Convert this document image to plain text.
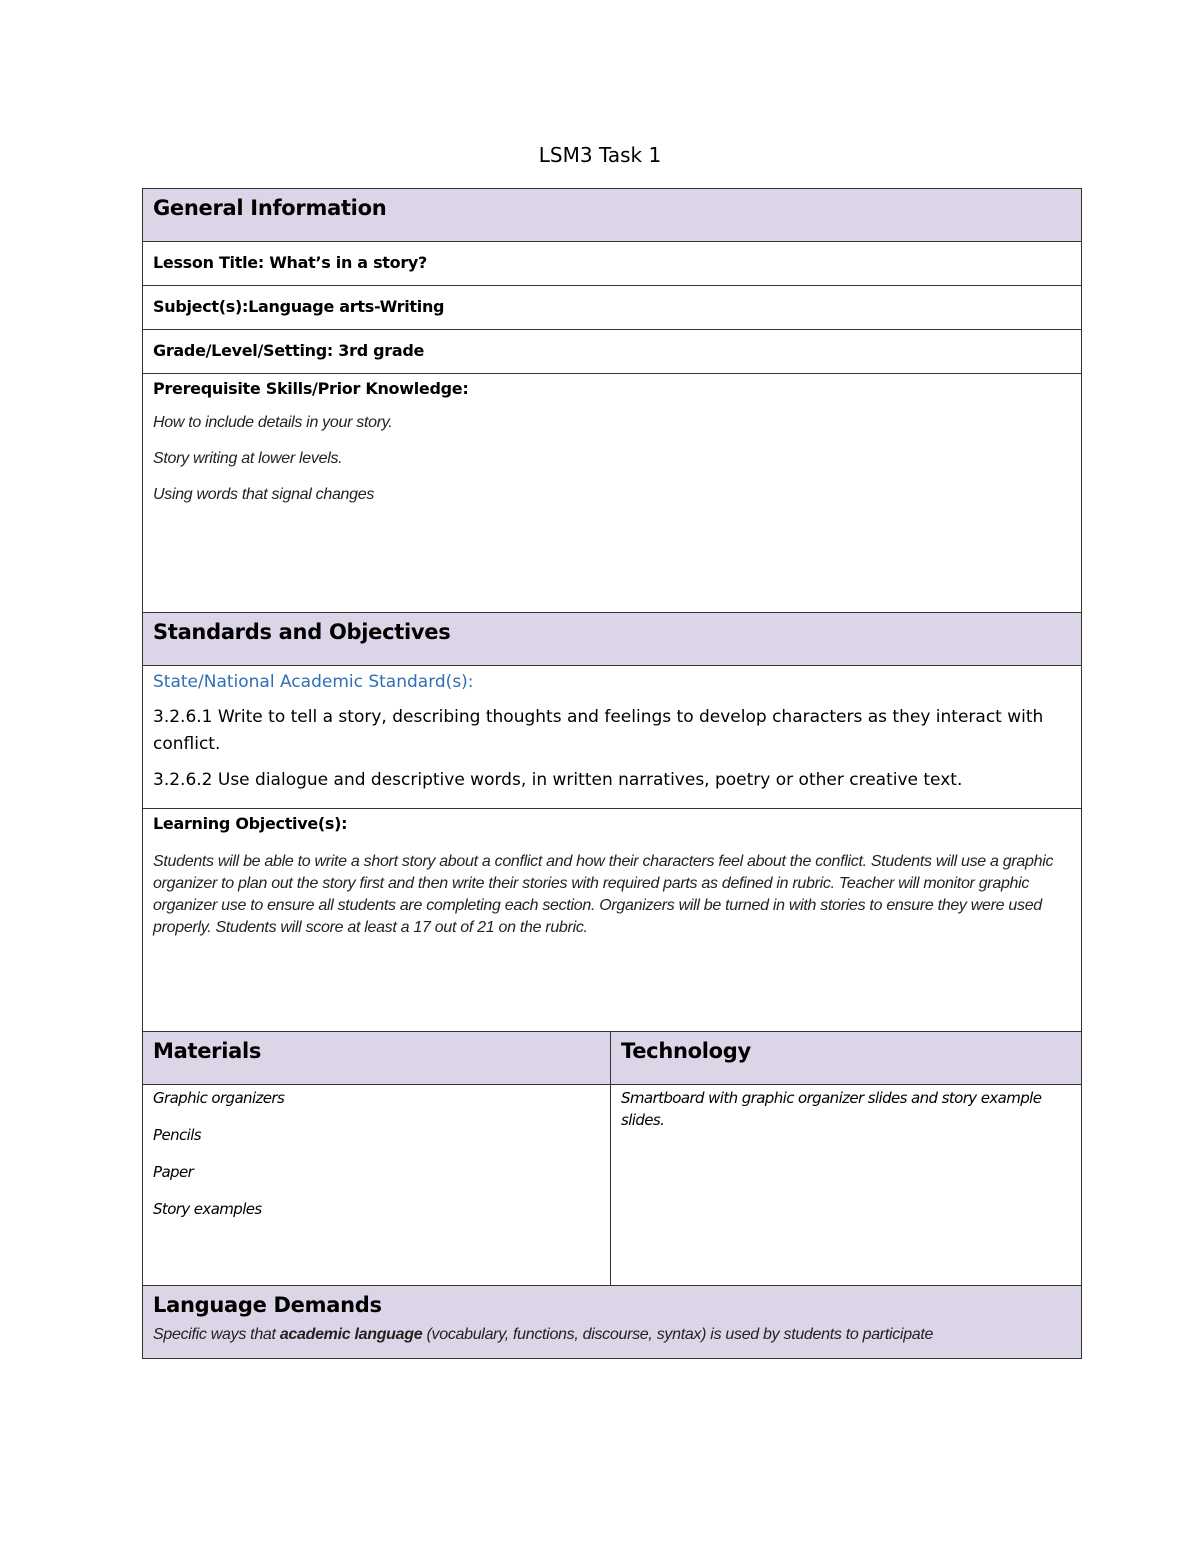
LSM3 Task 1
General Information	

Lesson Title: What’s in a story?	

Subject(s):Language arts-Writing	

Grade/Level/Setting: 3rd grade	

Prerequisite Skills/Prior Knowledge:
How to include details in your story.
Story writing at lower levels.
Using words that signal changes	

Standards and Objectives	

State/National Academic Standard(s):
3.2.6.1 Write to tell a story, describing thoughts and feelings to develop characters as they interact with conflict.
3.2.6.2 Use dialogue and descriptive words, in written narratives, poetry or other creative text.	

Learning Objective(s):
Students will be able to write a short story about a conflict and how their characters feel about the conflict. Students will use a graphic organizer to plan out the story first and then write their stories with required parts as defined in rubric. Teacher will monitor graphic organizer use to ensure all students are completing each section. Organizers will be turned in with stories to ensure they were used properly. Students will score at least a 17 out of 21 on the rubric.	

Materials	Technology

Graphic organizers
Pencils
Paper
Story examples	Smartboard with graphic organizer slides and story example slides.

Language Demands
Specific ways that academic language (vocabulary, functions, discourse, syntax) is used by students to participate	
